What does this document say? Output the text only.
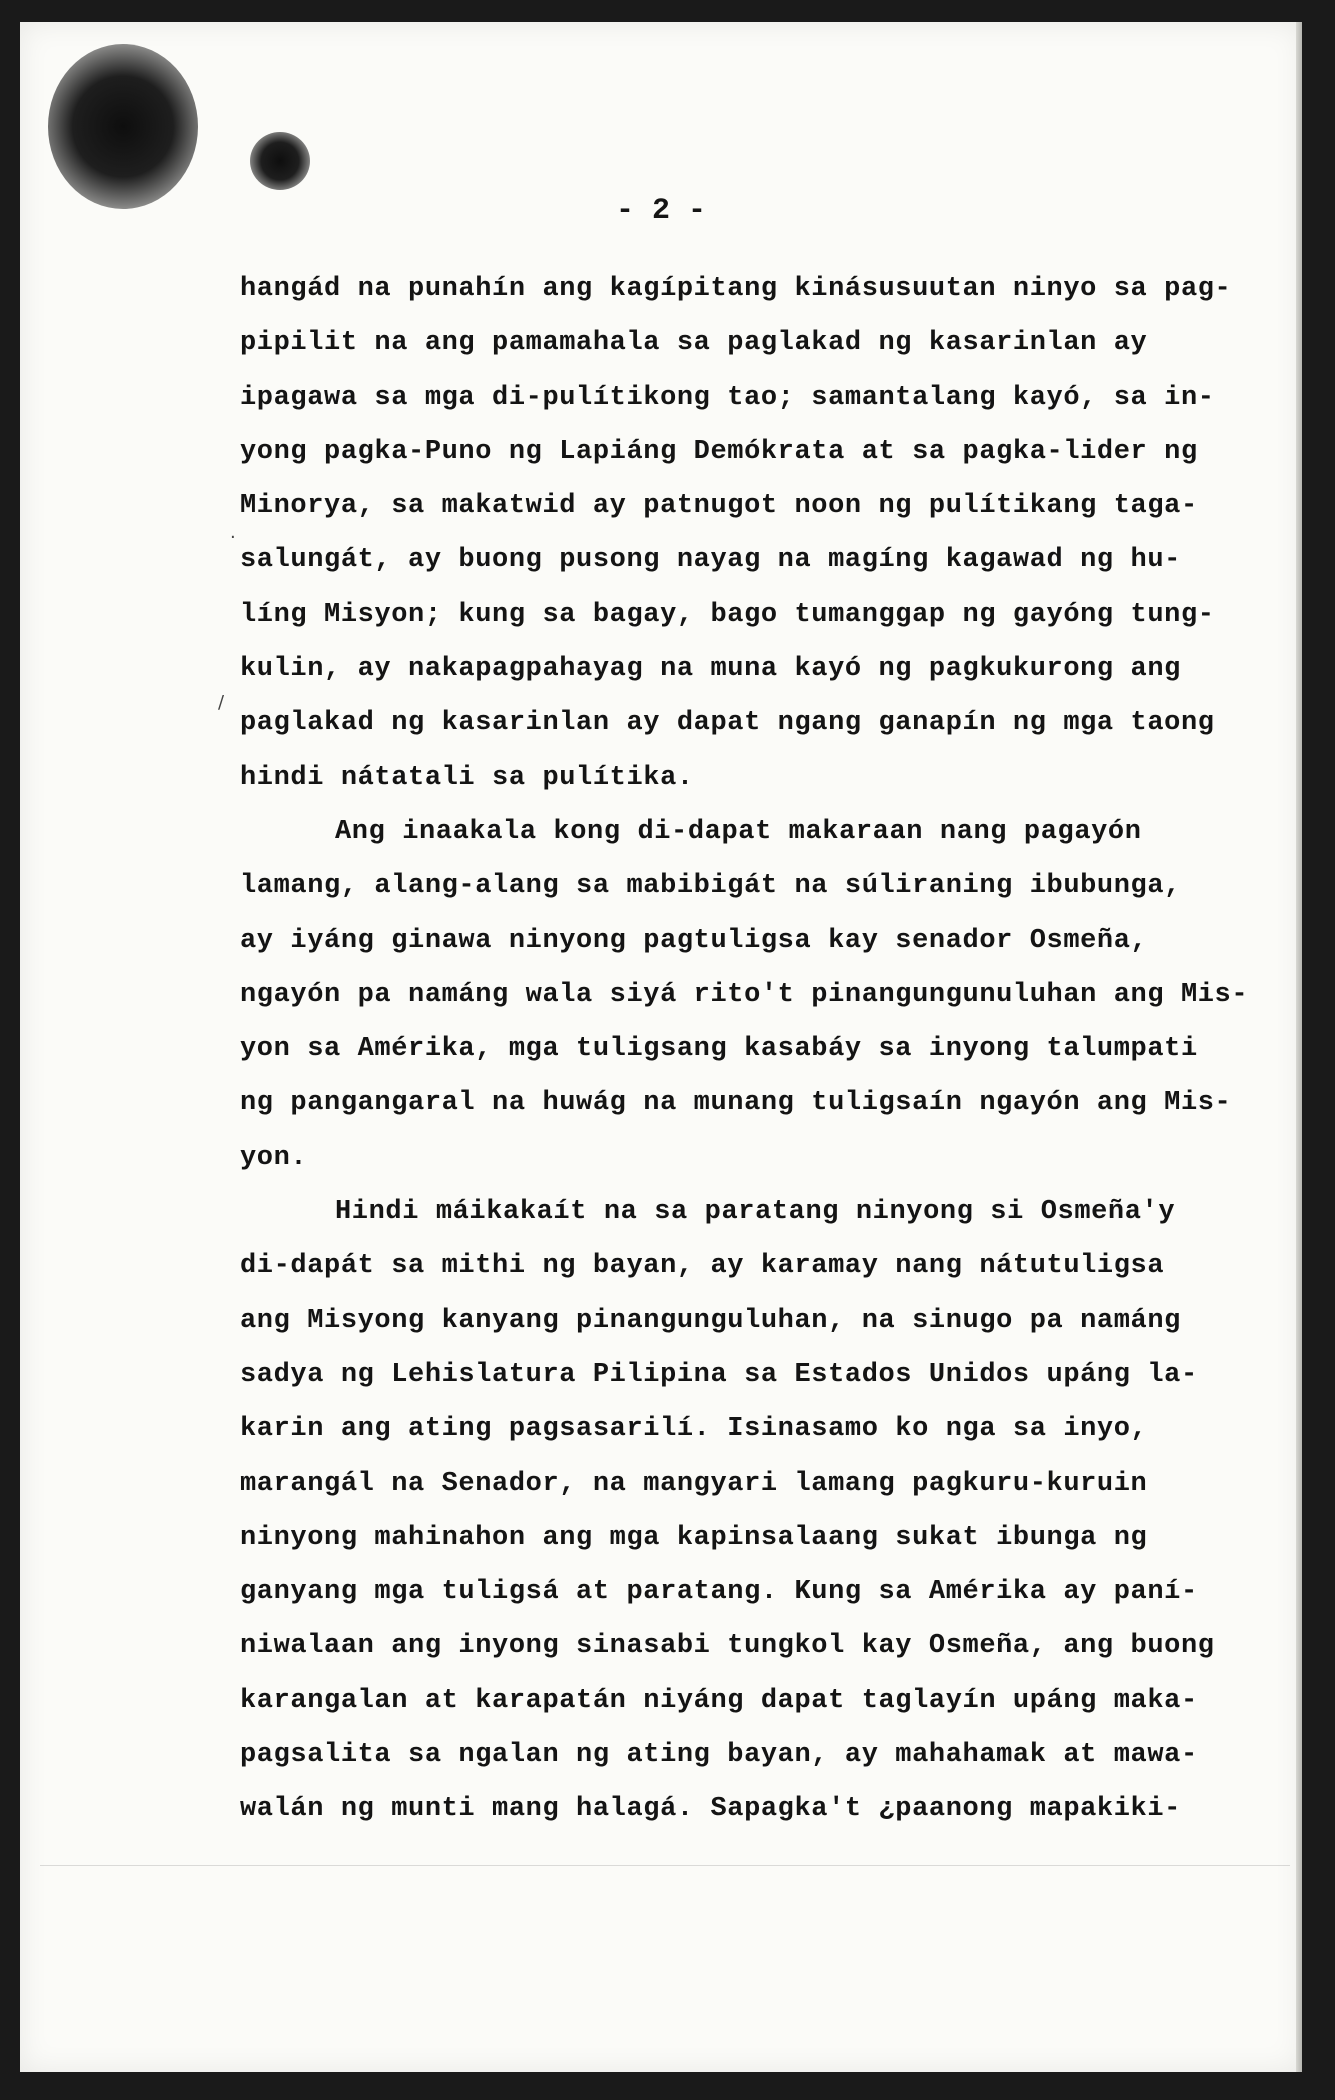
- 2 -
·
/
hangád na punahín ang kagípitang kinásusuutan ninyo sa pag-
pipilit na ang pamamahala sa paglakad ng kasarinlan ay
ipagawa sa mga di-pulítikong tao; samantalang kayó, sa in-
yong pagka-Puno ng Lapiáng Demókrata at sa pagka-lider ng
Minorya, sa makatwid ay patnugot noon ng pulítikang taga-
salungát, ay buong pusong nayag na magíng kagawad ng hu-
líng Misyon; kung sa bagay, bago tumanggap ng gayóng tung-
kulin, ay nakapagpahayag na muna kayó ng pagkukurong ang
paglakad ng kasarinlan ay dapat ngang ganapín ng mga taong
hindi nátatali sa pulítika.
Ang inaakala kong di-dapat makaraan nang pagayón
lamang, alang-alang sa mabibigát na súliraning ibubunga,
ay iyáng ginawa ninyong pagtuligsa kay senador Osmeña,
ngayón pa namáng wala siyá rito't pinangungunuluhan ang Mis-
yon sa Amérika, mga tuligsang kasabáy sa inyong talumpati
ng pangangaral na huwág na munang tuligsaín ngayón ang Mis-
yon.
Hindi máikakaít na sa paratang ninyong si Osmeña'y
di-dapát sa mithi ng bayan, ay karamay nang nátutuligsa
ang Misyong kanyang pinangunguluhan, na sinugo pa namáng
sadya ng Lehislatura Pilipina sa Estados Unidos upáng la-
karin ang ating pagsasarilí. Isinasamo ko nga sa inyo,
marangál na Senador, na mangyari lamang pagkuru-kuruin
ninyong mahinahon ang mga kapinsalaang sukat ibunga ng
ganyang mga tuligsá at paratang. Kung sa Amérika ay paní-
niwalaan ang inyong sinasabi tungkol kay Osmeña, ang buong
karangalan at karapatán niyáng dapat taglayín upáng maka-
pagsalita sa ngalan ng ating bayan, ay mahahamak at mawa-
walán ng munti mang halagá. Sapagka't ¿paanong mapakiki-
